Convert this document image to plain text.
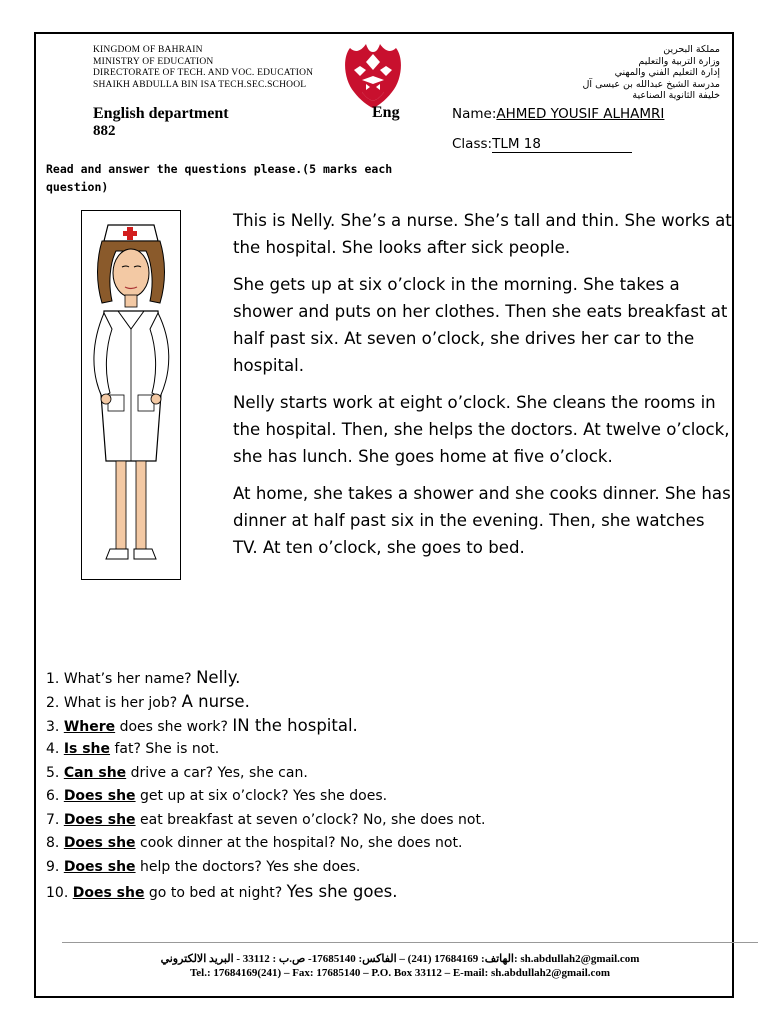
KINGDOM OF BAHRAIN
MINISTRY OF EDUCATION
DIRECTORATE OF TECH. AND VOC. EDUCATION
SHAIKH ABDULLA BIN ISA TECH.SEC.SCHOOL
مملكة البحرين
وزارة التربية والتعليم
إدارة التعليم الفني والمهني
مدرسة الشيخ عبدالله بن عيسى آل خليفة الثانوية الصناعية
English department
882
Eng	Name:AHMED YOUSIF ALHAMRI
Class:TLM 18
Read and answer the questions please.(5 marks each question)

This is Nelly. She’s a nurse. She’s tall and thin. She works at the hospital. She looks after sick people.

She gets up at six o’clock in the morning. She takes a shower and puts on her clothes. Then she eats breakfast at half past six. At seven o’clock, she drives her car to the hospital.

Nelly starts work at eight o’clock. She cleans the rooms in the hospital. Then, she helps the doctors. At twelve o’clock, she has lunch. She goes home at five o’clock.

At home, she takes a shower and she cooks dinner. She has dinner at half past six in the evening. Then, she watches TV. At ten o’clock, she goes to bed.

1. What’s her name? Nelly.
2. What is her job? A nurse.
3. Where does she work? IN the hospital.
4. Is she fat? She is not.
5. Can she drive a car? Yes, she can.
6. Does she get up at six o’clock? Yes she does.
7. Does she eat breakfast at seven o’clock? No, she does not.
8. Does she cook dinner at the hospital? No, she does not.
9. Does she help the doctors? Yes she does.
10. Does she go to bed at night? Yes she goes.
الهاتف: 17684169 (241) – الفاكس: 17685140- ص.ب : 33112 - البريد الالكتروني: sh.abdullah2@gmail.com
Tel.: 17684169(241) – Fax: 17685140 – P.O. Box 33112 – E-mail: sh.abdullah2@gmail.com
